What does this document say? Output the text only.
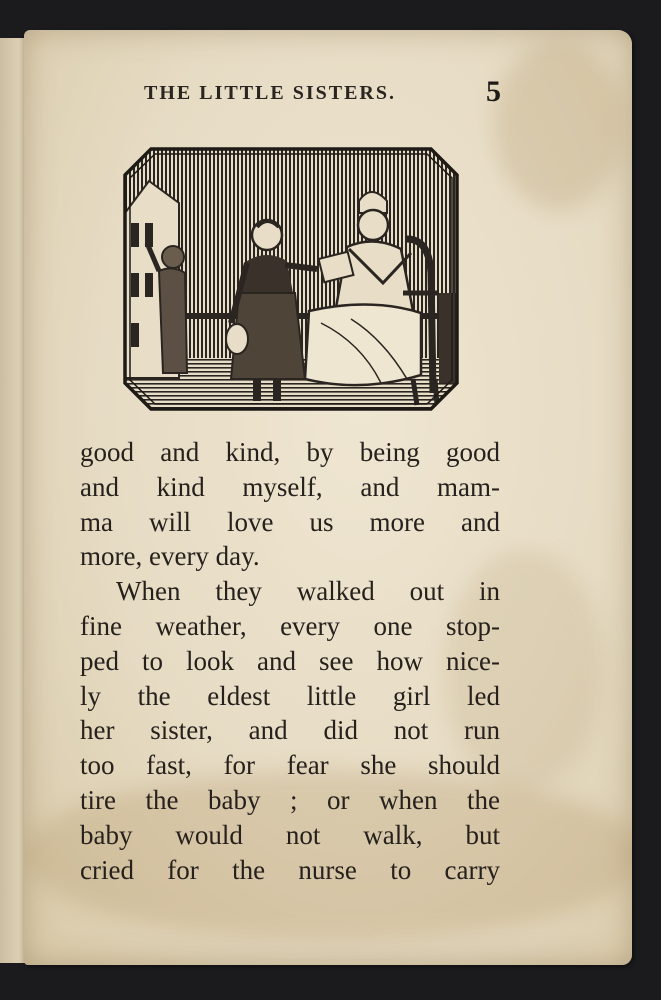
THE LITTLE SISTERS.	5
good and kind, by being good
and kind myself, and mam-
ma will love us more and
more, every day.
When they walked out in
fine weather, every one stop-
ped to look and see how nice-
ly the eldest little girl led
her sister, and did not run
too fast, for fear she should
tire the baby ; or when the
baby would not walk, but
cried for the nurse to carry
